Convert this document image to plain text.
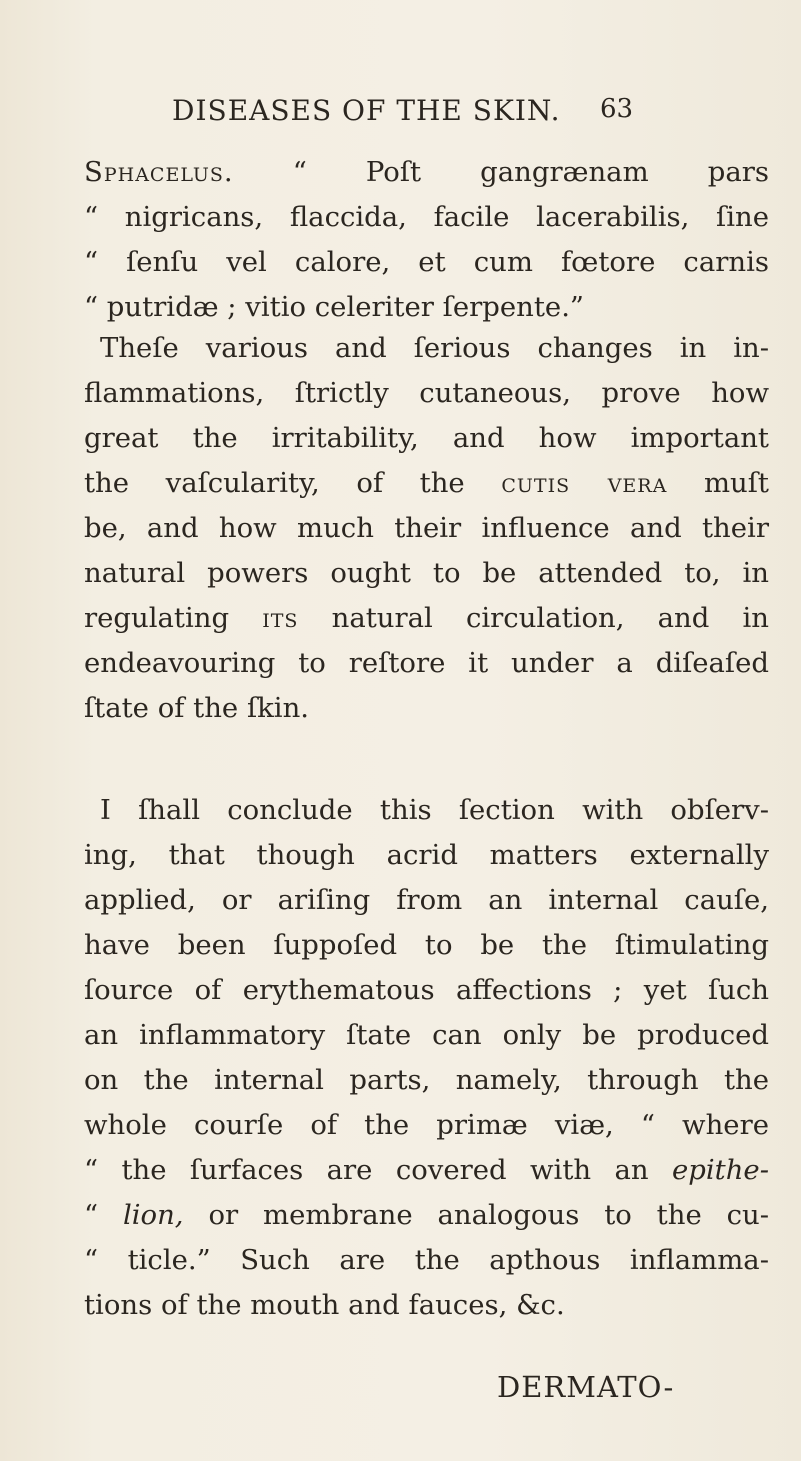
DISEASES OF THE SKIN. 63
Sphacelus. “ Poſt gangrænam pars
“ nigricans, flaccida, facile lacerabilis, ſine
“ ſenſu vel calore, et cum fœtore carnis
“ putridæ ; vitio celeriter ſerpente.”
Theſe various and ſerious changes in in-
flammations, ſtrictly cutaneous, prove how
great the irritability, and how important
the vaſcularity, of the cutis vera muſt
be, and how much their influence and their
natural powers ought to be attended to, in
regulating its natural circulation, and in
endeavouring to reſtore it under a diſeaſed
ſtate of the ſkin.
I ſhall conclude this ſection with obſerv-
ing, that though acrid matters externally
applied, or ariſing from an internal cauſe,
have been ſuppoſed to be the ſtimulating
ſource of erythematous affections ; yet ſuch
an inflammatory ſtate can only be produced
on the internal parts, namely, through the
whole courſe of the primæ viæ, “ where
“ the ſurfaces are covered with an epithe-
“ lion, or membrane analogous to the cu-
“ ticle.” Such are the apthous inflamma-
tions of the mouth and fauces, &c.
DERMATO-
